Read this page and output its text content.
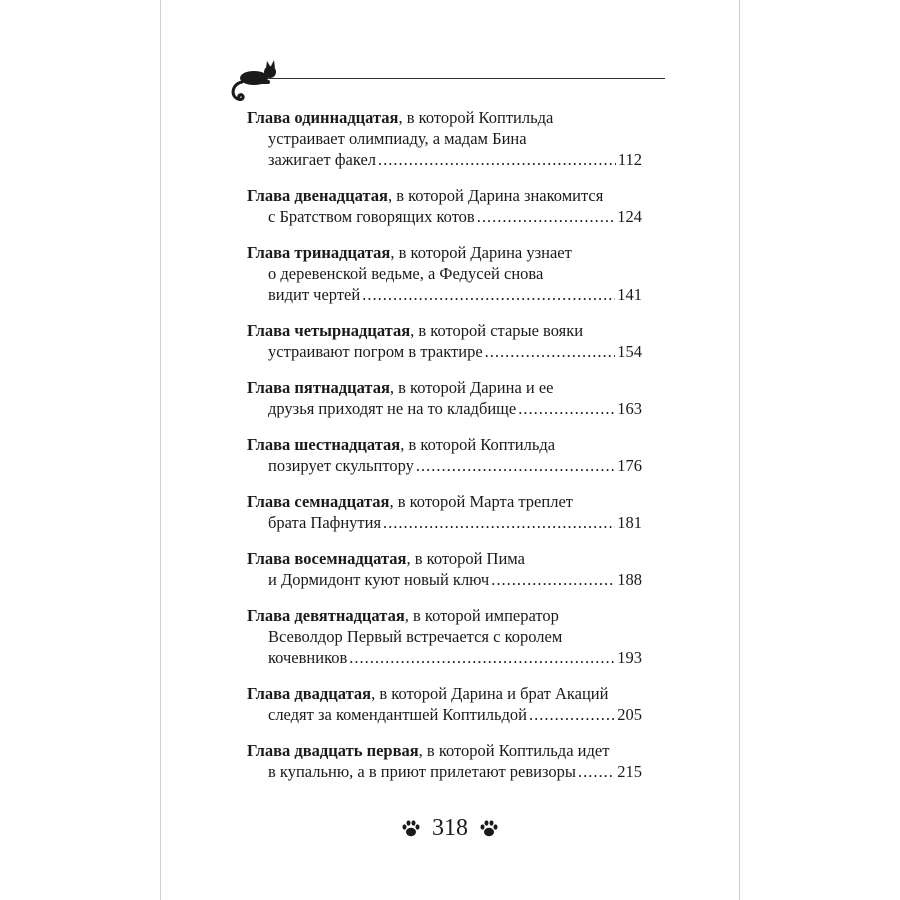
Глава одиннадцатая, в которой Коптильда
устраивает олимпиаду, а мадам Бина
зажигает факел .....	112
Глава двенадцатая, в которой Дарина знакомится
с Братством говорящих котов .....	124
Глава тринадцатая, в которой Дарина узнает
о деревенской ведьме, а Федусей снова
видит чертей .....	141
Глава четырнадцатая, в которой старые вояки
устраивают погром в трактире .....	154
Глава пятнадцатая, в которой Дарина и ее
друзья приходят не на то кладбище .....	163
Глава шестнадцатая, в которой Коптильда
позирует скульптору .....	176
Глава семнадцатая, в которой Марта треплет
брата Пафнутия .....	181
Глава восемнадцатая, в которой Пима
и Дормидонт куют новый ключ .....	188
Глава девятнадцатая, в которой император
Всеволдор Первый встречается с королем
кочевников .....	193
Глава двадцатая, в которой Дарина и брат Акаций
следят за комендантшей Коптильдой .....	205
Глава двадцать первая, в которой Коптильда идет
в купальню, а в приют прилетают ревизоры .....	215
318
